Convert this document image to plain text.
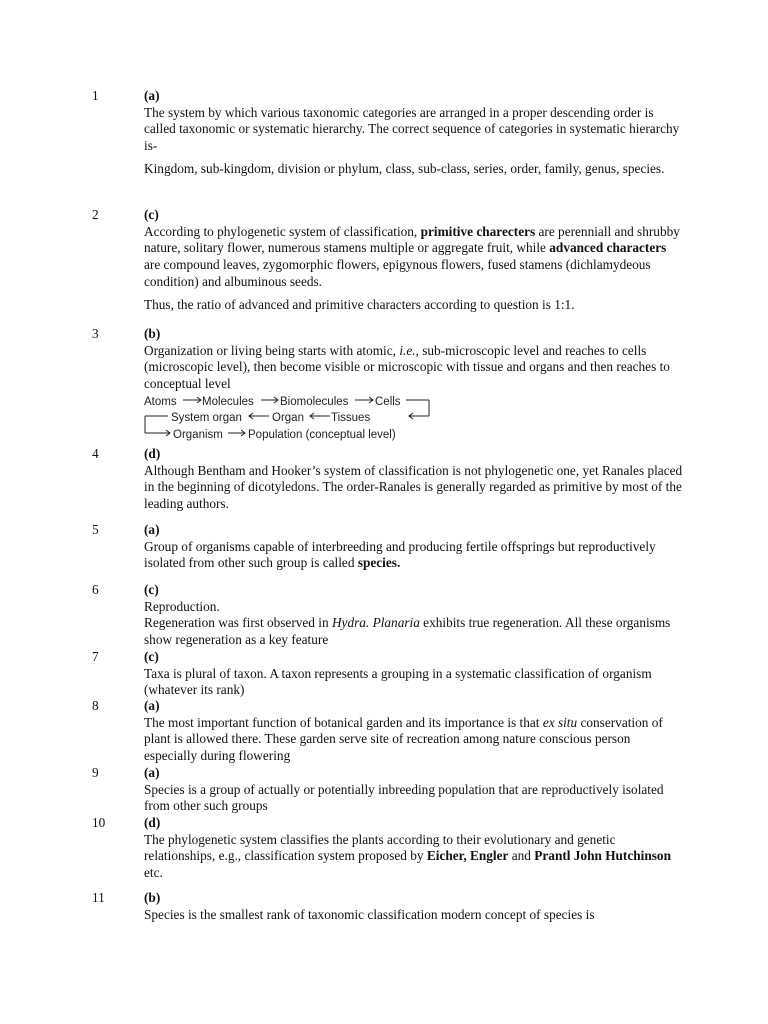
1	(a)

The system by which various taxonomic categories are arranged in a proper descending order is called taxonomic or systematic hierarchy. The correct sequence of categories in systematic hierarchy is-

Kingdom, sub-kingdom, division or phylum, class, sub-class, series, order, family, genus, species.

2	(c)

According to phylogenetic system of classification, primitive charecters are perenniall and shrubby nature, solitary flower, numerous stamens multiple or aggregate fruit, while advanced characters are compound leaves, zygomorphic flowers, epigynous flowers, fused stamens (dichlamydeous condition) and albuminous seeds.

Thus, the ratio of advanced and primitive characters according to question is 1:1.

3	(b)

Organization or living being starts with atomic, i.e., sub-microscopic level and reaches to cells (microscopic level), then become visible or microscopic with tissue and organs and then reaches to conceptual level

Atoms Molecules Biomolecules Cells
System organ	Organ Tissues
Organism Population (conceptual level)
4	(d)

Although Bentham and Hooker’s system of classification is not phylogenetic one, yet Ranales placed in the beginning of dicotyledons. The order-Ranales is generally regarded as primitive by most of the leading authors.

5	(a)

Group of organisms capable of interbreeding and producing fertile offsprings but reproductively isolated from other such group is called species.

6	(c)

Reproduction.

Regeneration was first observed in Hydra. Planaria exhibits true regeneration. All these organisms show regeneration as a key feature

7	(c)

Taxa is plural of taxon. A taxon represents a grouping in a systematic classification of organism (whatever its rank)

8	(a)

The most important function of botanical garden and its importance is that ex situ conservation of plant is allowed there. These garden serve site of recreation among nature conscious person especially during flowering

9	(a)

Species is a group of actually or potentially inbreeding population that are reproductively isolated from other such groups

10	(d)

The phylogenetic system classifies the plants according to their evolutionary and genetic relationships, e.g., classification system proposed by Eicher, Engler and Prantl John Hutchinson etc.

11	(b)

Species is the smallest rank of taxonomic classification modern concept of species is
